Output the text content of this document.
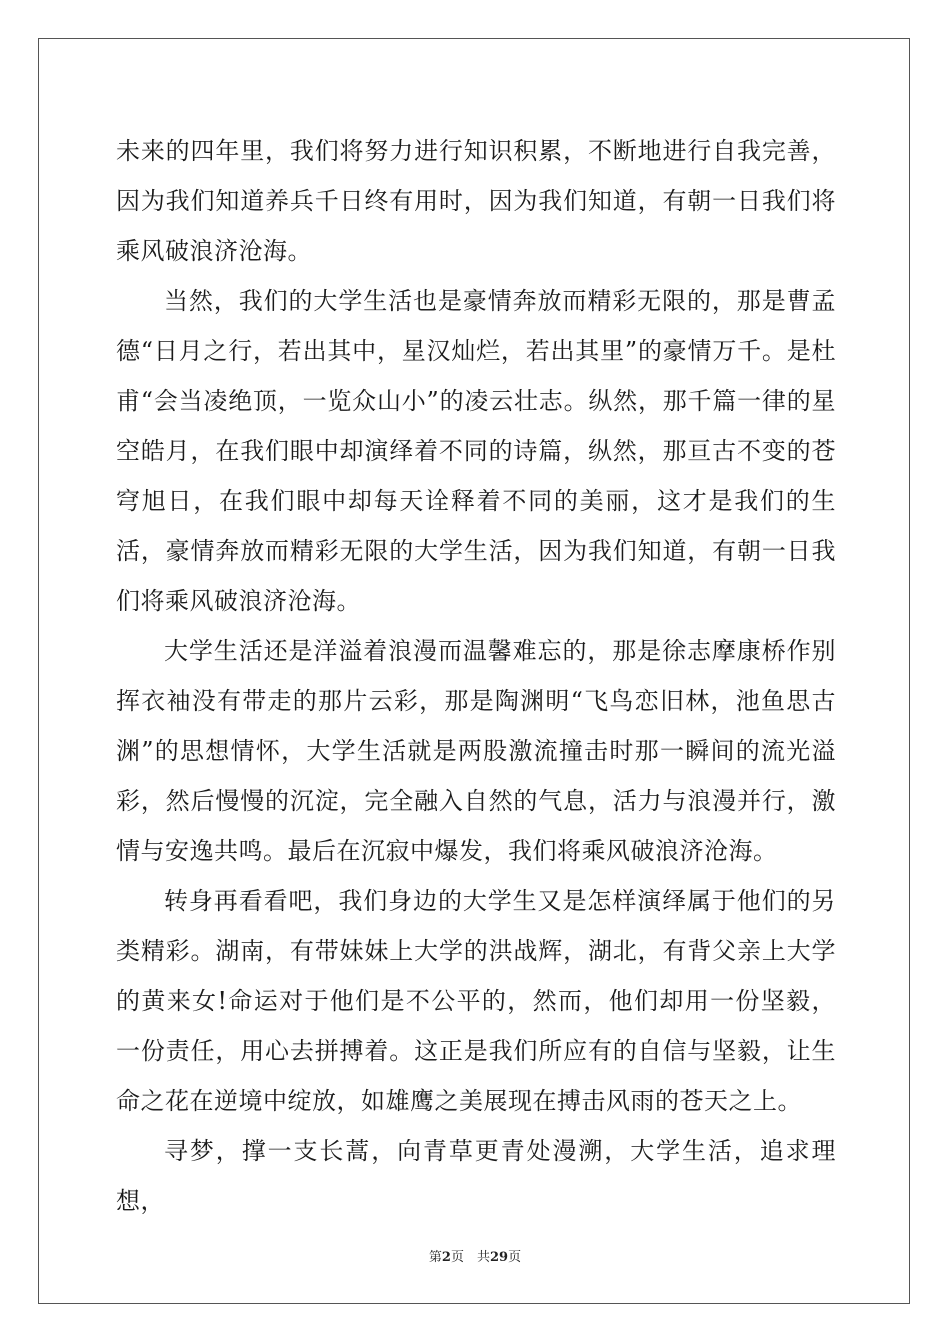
未来的四年里，我们将努力进行知识积累，不断地进行自我完善，因为我们知道养兵千日终有用时，因为我们知道，有朝一日我们将乘风破浪济沧海。

当然，我们的大学生活也是豪情奔放而精彩无限的，那是曹孟德“日月之行，若出其中，星汉灿烂，若出其里”的豪情万千。是杜甫“会当凌绝顶，一览众山小”的凌云壮志。纵然，那千篇一律的星空皓月，在我们眼中却演绎着不同的诗篇，纵然，那亘古不变的苍穹旭日，在我们眼中却每天诠释着不同的美丽，这才是我们的生活，豪情奔放而精彩无限的大学生活，因为我们知道，有朝一日我们将乘风破浪济沧海。

大学生活还是洋溢着浪漫而温馨难忘的，那是徐志摩康桥作别挥衣袖没有带走的那片云彩，那是陶渊明“飞鸟恋旧林，池鱼思古渊”的思想情怀，大学生活就是两股激流撞击时那一瞬间的流光溢彩，然后慢慢的沉淀，完全融入自然的气息，活力与浪漫并行，激情与安逸共鸣。最后在沉寂中爆发，我们将乘风破浪济沧海。

转身再看看吧，我们身边的大学生又是怎样演绎属于他们的另类精彩。湖南，有带妹妹上大学的洪战辉，湖北，有背父亲上大学的黄来女!命运对于他们是不公平的，然而，他们却用一份坚毅，一份责任，用心去拼搏着。这正是我们所应有的自信与坚毅，让生命之花在逆境中绽放，如雄鹰之美展现在搏击风雨的苍天之上。

寻梦，撑一支长蒿，向青草更青处漫溯，大学生活，追求理想，

第2页　共29页
